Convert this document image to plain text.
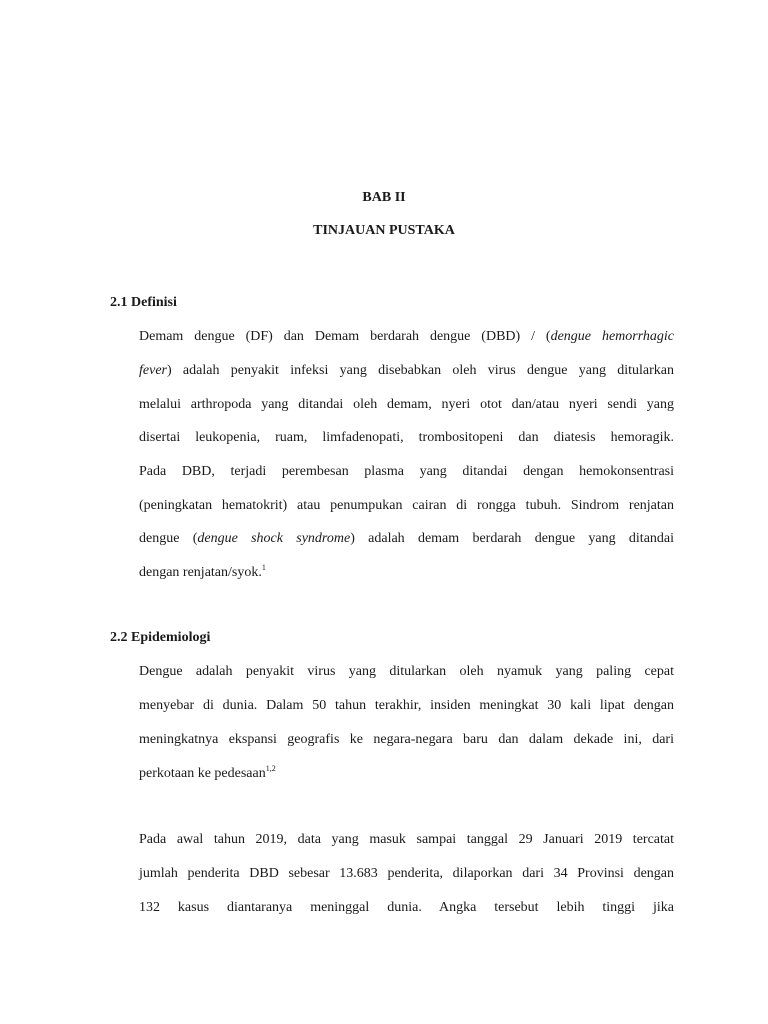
BAB II
TINJAUAN PUSTAKA
2.1 Definisi
Demam dengue (DF) dan Demam berdarah dengue (DBD) / (dengue hemorrhagic
fever) adalah penyakit infeksi yang disebabkan oleh virus dengue yang ditularkan
melalui arthropoda yang ditandai oleh demam, nyeri otot dan/atau nyeri sendi yang
disertai leukopenia, ruam, limfadenopati, trombositopeni dan diatesis hemoragik.
Pada DBD, terjadi perembesan plasma yang ditandai dengan hemokonsentrasi
(peningkatan hematokrit) atau penumpukan cairan di rongga tubuh. Sindrom renjatan
dengue (dengue shock syndrome) adalah demam berdarah dengue yang ditandai
dengan renjatan/syok.$^1$
2.2 Epidemiologi
Dengue adalah penyakit virus yang ditularkan oleh nyamuk yang paling cepat
menyebar di dunia. Dalam 50 tahun terakhir, insiden meningkat 30 kali lipat dengan
meningkatnya ekspansi geografis ke negara-negara baru dan dalam dekade ini, dari
perkotaan ke pedesaan$^{1,2}$
Pada awal tahun 2019, data yang masuk sampai tanggal 29 Januari 2019 tercatat
jumlah penderita DBD sebesar 13.683 penderita, dilaporkan dari 34 Provinsi dengan
132 kasus diantaranya meninggal dunia. Angka tersebut lebih tinggi jika
